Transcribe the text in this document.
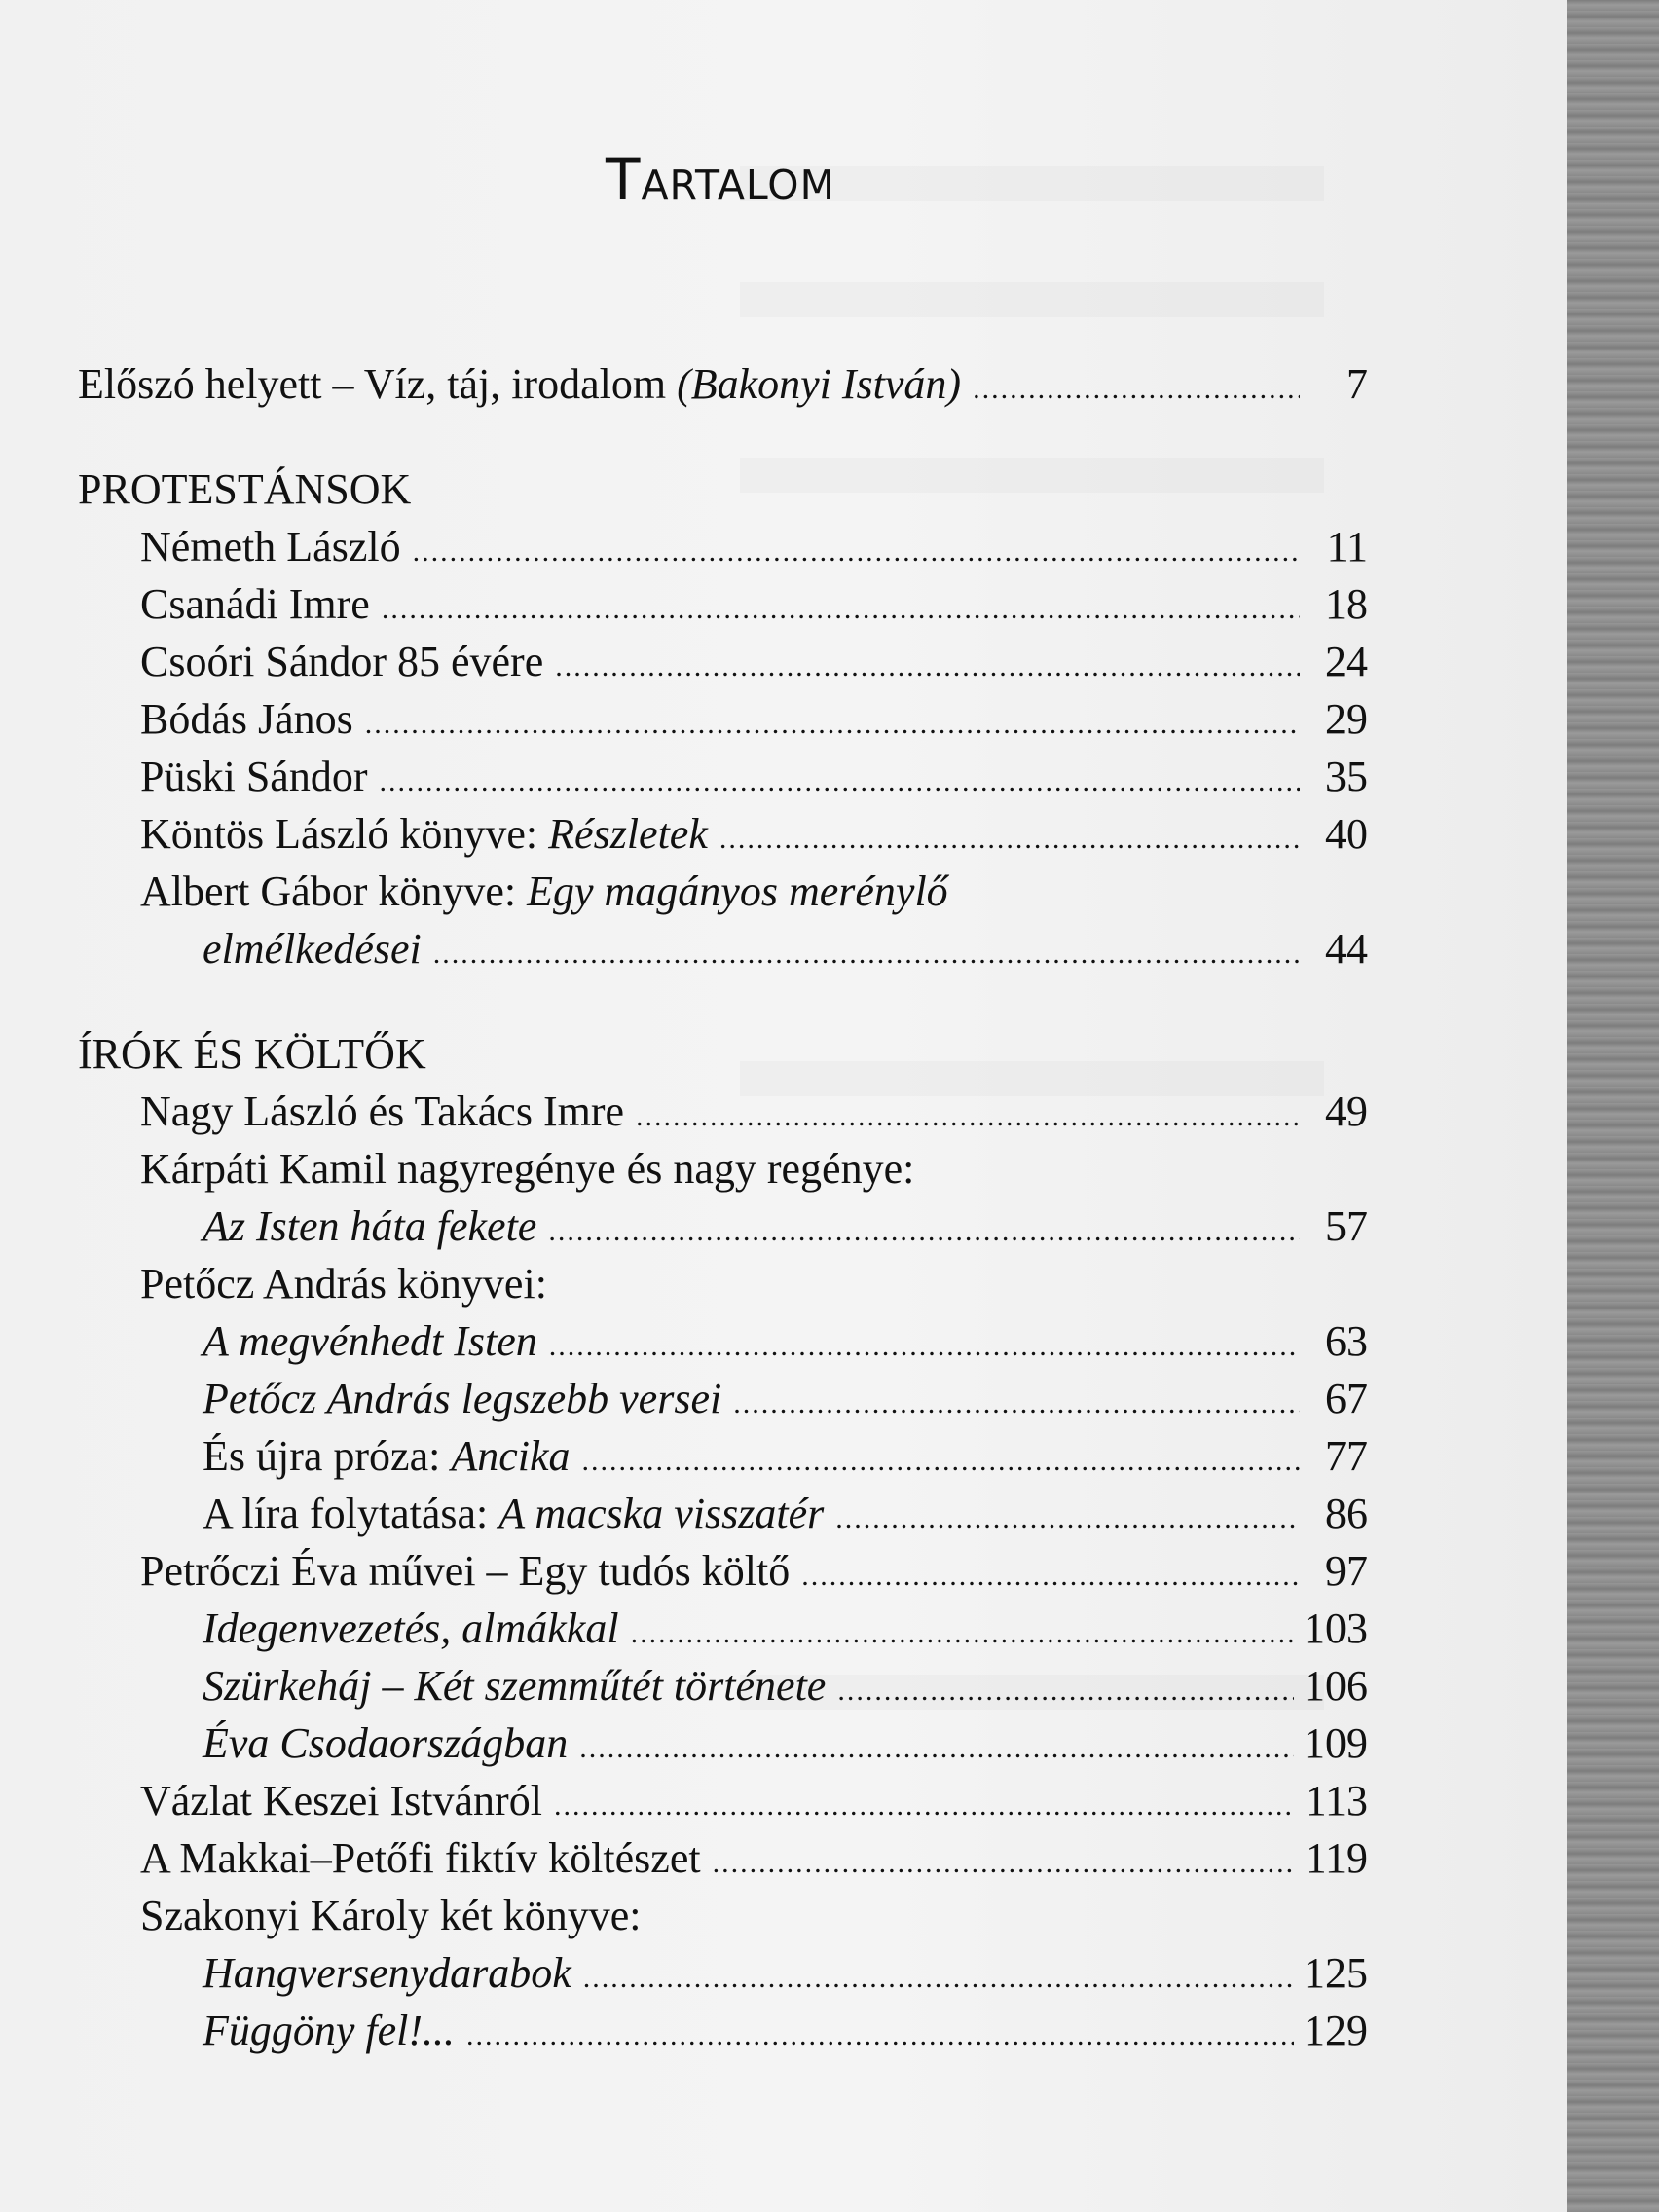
Tartalom
Előszó helyett – Víz, táj, irodalom (Bakonyi István) .....	7
PROTESTÁNSOK
Németh László .....	11
Csanádi Imre .....	18
Csoóri Sándor 85 évére .....	24
Bódás János .....	29
Püski Sándor .....	35
Köntös László könyve: Részletek .....	40
Albert Gábor könyve: Egy magányos merénylő
elmélkedései .....	44
ÍRÓK ÉS KÖLTŐK
Nagy László és Takács Imre .....	49
Kárpáti Kamil nagyregénye és nagy regénye:
Az Isten háta fekete .....	57
Petőcz András könyvei:
A megvénhedt Isten .....	63
Petőcz András legszebb versei .....	67
És újra próza: Ancika .....	77
A líra folytatása: A macska visszatér .....	86
Petrőczi Éva művei – Egy tudós költő .....	97
Idegenvezetés, almákkal .....	103
Szürkeháj – Két szemműtét története .....	106
Éva Csodaországban .....	109
Vázlat Keszei Istvánról .....	113
A Makkai–Petőfi fiktív költészet .....	119
Szakonyi Károly két könyve:
Hangversenydarabok .....	125
Függöny fel!... .....	129
